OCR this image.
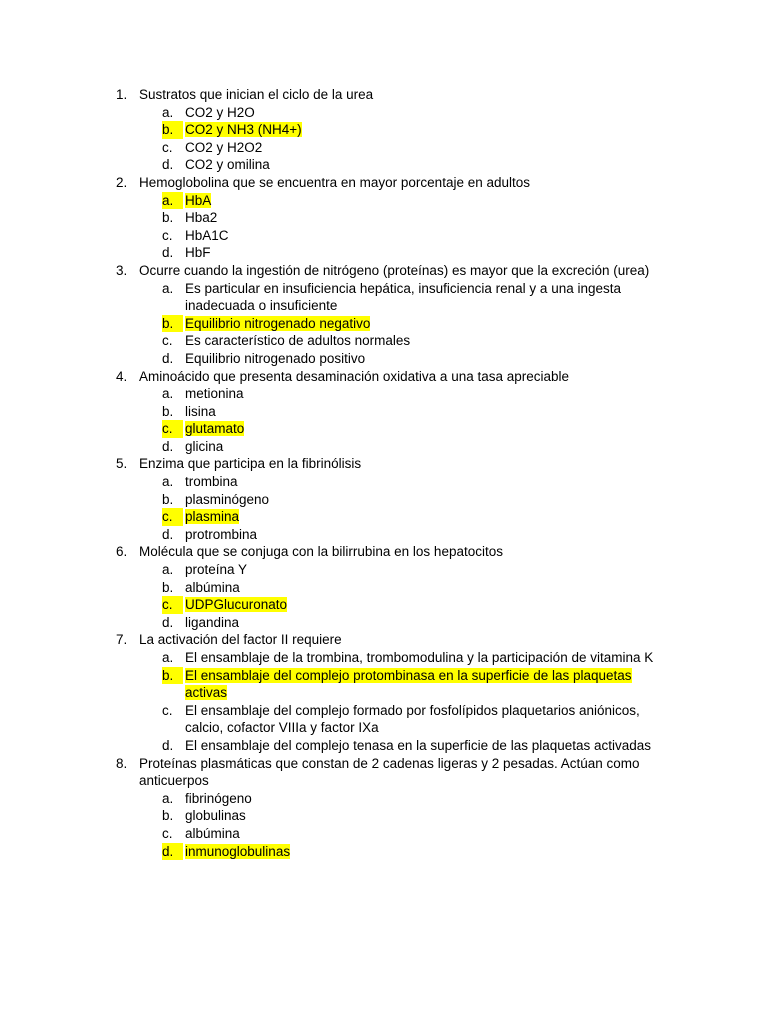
1. Sustratos que inician el ciclo de la urea
a. CO2 y H2O
b. CO2 y NH3 (NH4+)
c. CO2 y H2O2
d. CO2 y omilina
2. Hemoglobolina que se encuentra en mayor porcentaje en adultos
a. HbA
b. Hba2
c. HbA1C
d. HbF
3. Ocurre cuando la ingestión de nitrógeno (proteínas) es mayor que la excreción (urea)
a. Es particular en insuficiencia hepática, insuficiencia renal y a una ingesta inadecuada o insuficiente
b. Equilibrio nitrogenado negativo
c. Es característico de adultos normales
d. Equilibrio nitrogenado positivo
4. Aminoácido que presenta desaminación oxidativa a una tasa apreciable
a. metionina
b. lisina
c. glutamato
d. glicina
5. Enzima que participa en la fibrinólisis
a. trombina
b. plasminógeno
c. plasmina
d. protrombina
6. Molécula que se conjuga con la bilirrubina en los hepatocitos
a. proteína Y
b. albúmina
c. UDPGlucuronato
d. ligandina
7. La activación del factor II requiere
a. El ensamblaje de la trombina, trombomodulina y la participación de vitamina K
b. El ensamblaje del complejo protombinasa en la superficie de las plaquetas activas
c. El ensamblaje del complejo formado por fosfolípidos plaquetarios aniónicos, calcio, cofactor VIIIa y factor IXa
d. El ensamblaje del complejo tenasa en la superficie de las plaquetas activadas
8. Proteínas plasmáticas que constan de 2 cadenas ligeras y 2 pesadas. Actúan como anticuerpos
a. fibrinógeno
b. globulinas
c. albúmina
d. inmunoglobulinas
